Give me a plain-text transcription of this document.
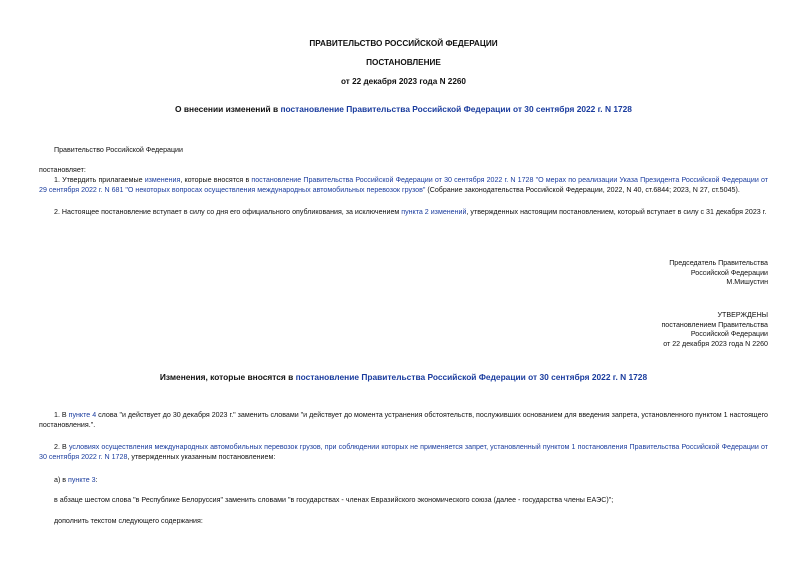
ПРАВИТЕЛЬСТВО РОССИЙСКОЙ ФЕДЕРАЦИИ
ПОСТАНОВЛЕНИЕ
от 22 декабря 2023 года N 2260
О внесении изменений в постановление Правительства Российской Федерации от 30 сентября 2022 г. N 1728
Правительство Российской Федерации
постановляет:
1. Утвердить прилагаемые изменения, которые вносятся в постановление Правительства Российской Федерации от 30 сентября 2022 г. N 1728 "О мерах по реализации Указа Президента Российской Федерации от 29 сентября 2022 г. N 681 "О некоторых вопросах осуществления международных автомобильных перевозок грузов" (Собрание законодательства Российской Федерации, 2022, N 40, ст.6844; 2023, N 27, ст.5045).
2. Настоящее постановление вступает в силу со дня его официального опубликования, за исключением пункта 2 изменений, утвержденных настоящим постановлением, который вступает в силу с 31 декабря 2023 г.
Председатель Правительства
Российской Федерации
М.Мишустин
УТВЕРЖДЕНЫ
постановлением Правительства
Российской Федерации
от 22 декабря 2023 года N 2260
Изменения, которые вносятся в постановление Правительства Российской Федерации от 30 сентября 2022 г. N 1728
1. В пункте 4 слова "и действует до 30 декабря 2023 г." заменить словами "и действует до момента устранения обстоятельств, послуживших основанием для введения запрета, установленного пунктом 1 настоящего постановления.".
2. В условиях осуществления международных автомобильных перевозок грузов, при соблюдении которых не применяется запрет, установленный пунктом 1 постановления Правительства Российской Федерации от 30 сентября 2022 г. N 1728, утвержденных указанным постановлением:
а) в пункте 3:
в абзаце шестом слова "в Республике Белоруссия" заменить словами "в государствах - членах Евразийского экономического союза (далее - государства члены ЕАЭС)";
дополнить текстом следующего содержания:
